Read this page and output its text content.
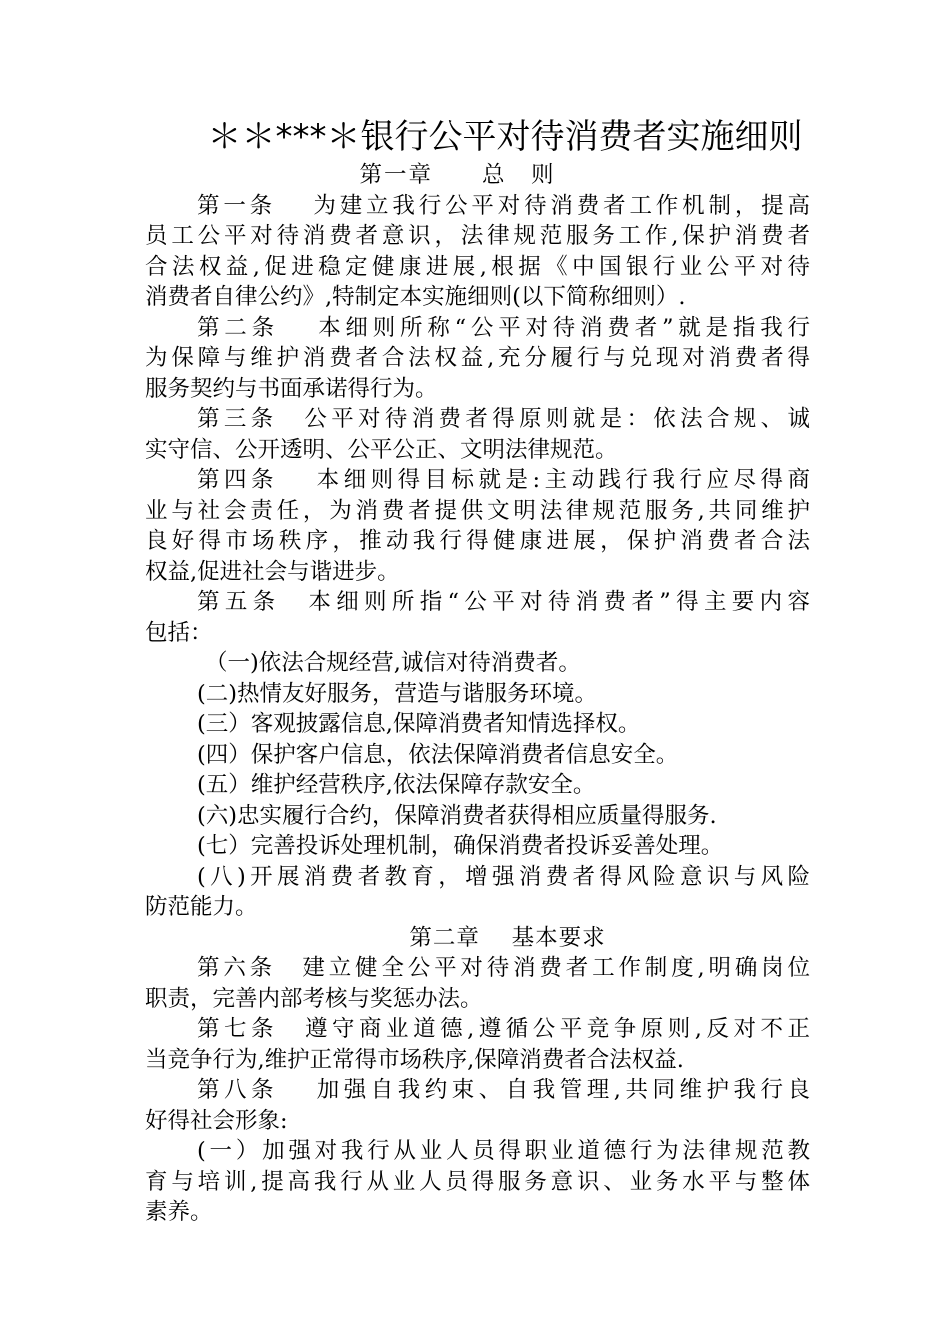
＊＊***＊银行公平对待消费者实施细则
第一章　　总　则
第一条　 为建立我行公平对待消费者工作机制，提高
员工公平对待消费者意识，法律规范服务工作,保护消费者
合法权益,促进稳定健康进展,根据《中国银行业公平对待
消费者自律公约》,特制定本实施细则(以下简称细则）.
第二条　 本细则所称“公平对待消费者”就是指我行
为保障与维护消费者合法权益,充分履行与兑现对消费者得
服务契约与书面承诺得行为。
第三条　公平对待消费者得原则就是：依法合规、诚
实守信、公开透明、公平公正、文明法律规范。
第四条　 本细则得目标就是:主动践行我行应尽得商
业与社会责任，为消费者提供文明法律规范服务,共同维护
良好得市场秩序，推动我行得健康进展，保护消费者合法
权益,促进社会与谐进步。
第五条　本细则所指“公平对待消费者”得主要内容
包括：
（一)依法合规经营,诚信对待消费者。
(二)热情友好服务，营造与谐服务环境。
(三）客观披露信息,保障消费者知情选择权。
(四）保护客户信息，依法保障消费者信息安全。
(五）维护经营秩序,依法保障存款安全。
(六)忠实履行合约，保障消费者获得相应质量得服务.
(七）完善投诉处理机制，确保消费者投诉妥善处理。
(八)开展消费者教育，增强消费者得风险意识与风险
防范能力。
第二章　 基本要求
第六条　建立健全公平对待消费者工作制度,明确岗位
职责，完善内部考核与奖惩办法。
第七条　遵守商业道德,遵循公平竞争原则,反对不正
当竞争行为,维护正常得市场秩序,保障消费者合法权益.
第八条　 加强自我约束、自我管理,共同维护我行良
好得社会形象:
(一）加强对我行从业人员得职业道德行为法律规范教
育与培训,提高我行从业人员得服务意识、业务水平与整体
素养。
